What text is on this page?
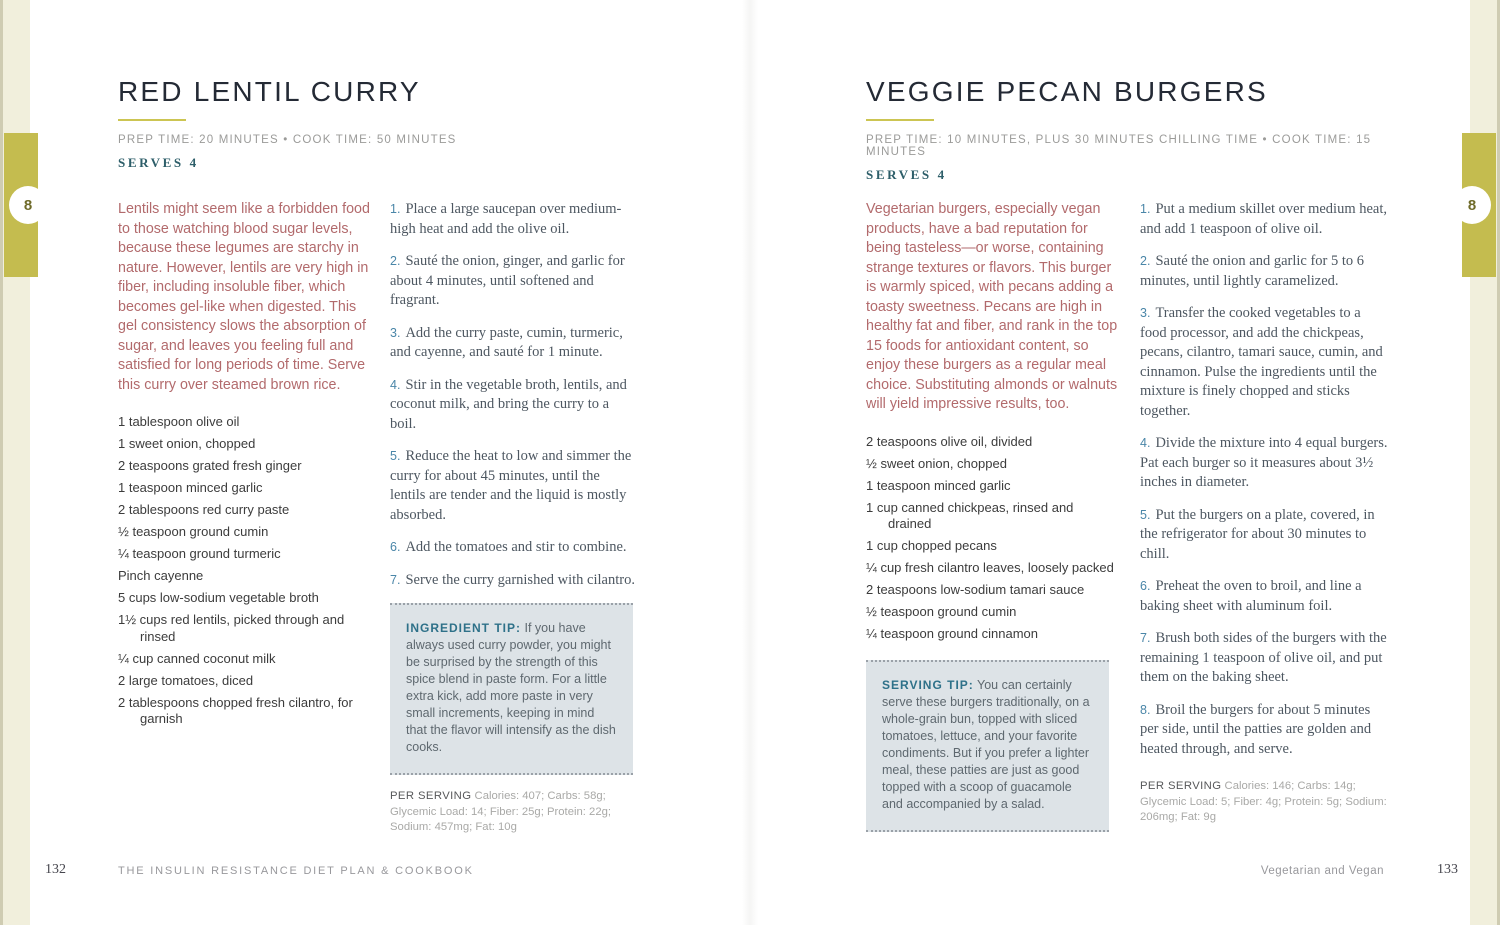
8	8
RED LENTIL CURRY
PREP TIME: 20 MINUTES • COOK TIME: 50 MINUTES
SERVES 4

Lentils might seem like a forbidden food to those watching blood sugar levels, because these legumes are starchy in nature. However, lentils are very high in fiber, including insoluble fiber, which becomes gel-like when digested. This gel consistency slows the absorption of sugar, and leaves you feeling full and satisfied for long periods of time. Serve this curry over steamed brown rice.

1 tablespoon olive oil
1 sweet onion, chopped
2 teaspoons grated fresh ginger
1 teaspoon minced garlic
2 tablespoons red curry paste
½ teaspoon ground cumin
¼ teaspoon ground turmeric
Pinch cayenne
5 cups low-sodium vegetable broth
1½ cups red lentils, picked through and rinsed
¼ cup canned coconut milk
2 large tomatoes, diced
2 tablespoons chopped fresh cilantro, for garnish

1. Place a large saucepan over medium-high heat and add the olive oil.

2. Sauté the onion, ginger, and garlic for about 4 minutes, until softened and fragrant.

3. Add the curry paste, cumin, turmeric, and cayenne, and sauté for 1 minute.

4. Stir in the vegetable broth, lentils, and coconut milk, and bring the curry to a boil.

5. Reduce the heat to low and simmer the curry for about 45 minutes, until the lentils are tender and the liquid is mostly absorbed.

6. Add the tomatoes and stir to combine.

7. Serve the curry garnished with cilantro.

INGREDIENT TIP: If you have always used curry powder, you might be surprised by the strength of this spice blend in paste form. For a little extra kick, add more paste in very small increments, keeping in mind that the flavor will intensify as the dish cooks.
PER SERVING Calories: 407; Carbs: 58g; Glycemic Load: 14; Fiber: 25g; Protein: 22g; Sodium: 457mg; Fat: 10g
VEGGIE PECAN BURGERS
PREP TIME: 10 MINUTES, PLUS 30 MINUTES CHILLING TIME • COOK TIME: 15 MINUTES
SERVES 4

Vegetarian burgers, especially vegan products, have a bad reputation for being tasteless—or worse, containing strange textures or flavors. This burger is warmly spiced, with pecans adding a toasty sweetness. Pecans are high in healthy fat and fiber, and rank in the top 15 foods for antioxidant content, so enjoy these burgers as a regular meal choice. Substituting almonds or walnuts will yield impressive results, too.

2 teaspoons olive oil, divided
½ sweet onion, chopped
1 teaspoon minced garlic
1 cup canned chickpeas, rinsed and drained
1 cup chopped pecans
¼ cup fresh cilantro leaves, loosely packed
2 teaspoons low-sodium tamari sauce
½ teaspoon ground cumin
¼ teaspoon ground cinnamon
SERVING TIP: You can certainly serve these burgers traditionally, on a whole-grain bun, topped with sliced tomatoes, lettuce, and your favorite condiments. But if you prefer a lighter meal, these patties are just as good topped with a scoop of guacamole and accompanied by a salad.

1. Put a medium skillet over medium heat, and add 1 teaspoon of olive oil.

2. Sauté the onion and garlic for 5 to 6 minutes, until lightly caramelized.

3. Transfer the cooked vegetables to a food processor, and add the chickpeas, pecans, cilantro, tamari sauce, cumin, and cinnamon. Pulse the ingredients until the mixture is finely chopped and sticks together.

4. Divide the mixture into 4 equal burgers. Pat each burger so it measures about 3½ inches in diameter.

5. Put the burgers on a plate, covered, in the refrigerator for about 30 minutes to chill.

6. Preheat the oven to broil, and line a baking sheet with aluminum foil.

7. Brush both sides of the burgers with the remaining 1 teaspoon of olive oil, and put them on the baking sheet.

8. Broil the burgers for about 5 minutes per side, until the patties are golden and heated through, and serve.

PER SERVING Calories: 146; Carbs: 14g; Glycemic Load: 5; Fiber: 4g; Protein: 5g; Sodium: 206mg; Fat: 9g
132	THE INSULIN RESISTANCE DIET PLAN & COOKBOOK	Vegetarian and Vegan	133
